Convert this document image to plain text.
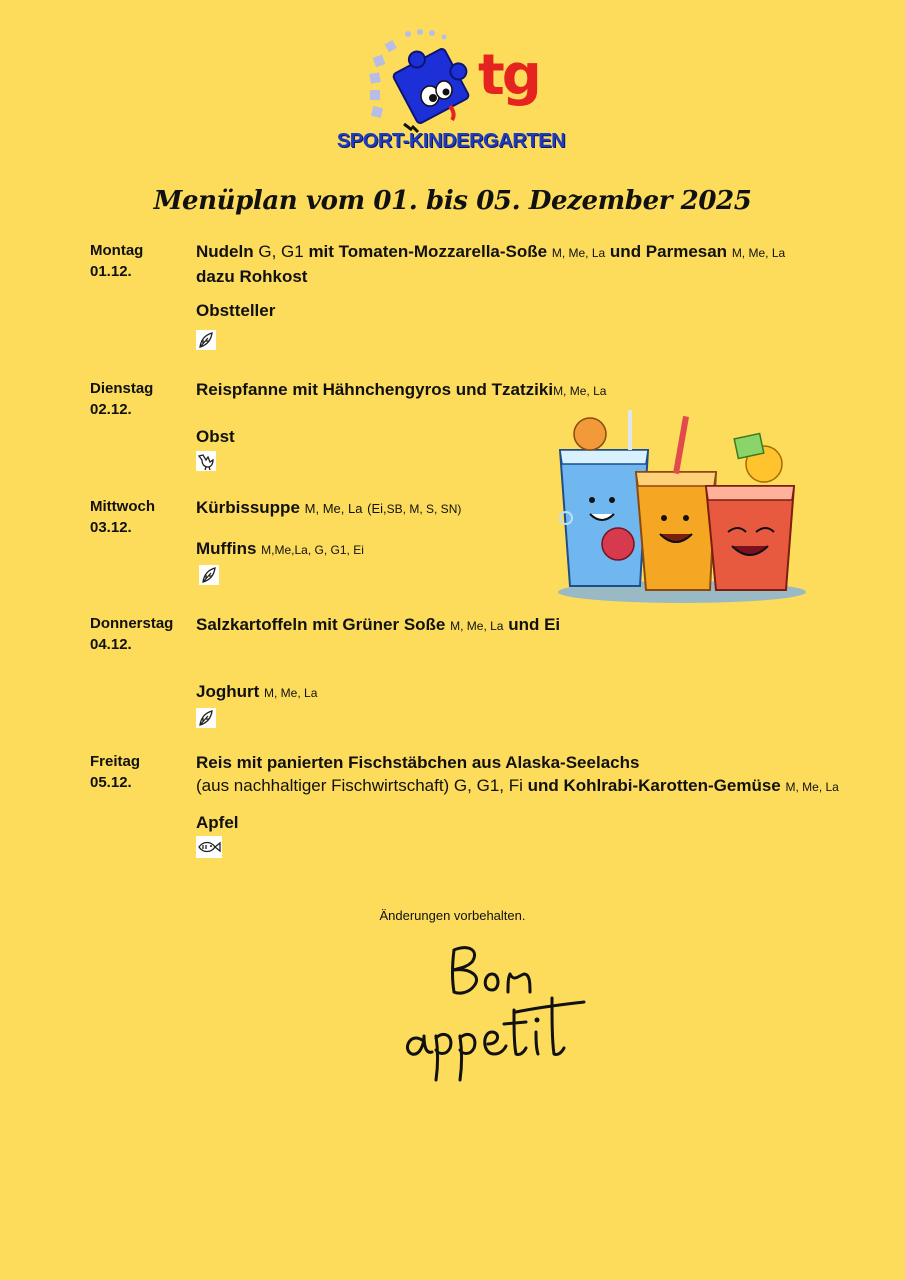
tg
SPORT-KINDERGARTEN
Menüplan vom 01. bis 05. Dezember 2025
Montag
01.12.
Nudeln G, G1 mit Tomaten-Mozzarella-Soße M, Me, La und Parmesan M, Me, La
dazu Rohkost
Obstteller
Dienstag
02.12.
Reispfanne mit Hähnchengyros und TzatzikiM, Me, La
Obst
Mittwoch
03.12.
Kürbissuppe M, Me, La (Ei,SB, M, S, SN)
Muffins M,Me,La, G, G1, Ei
Donnerstag
04.12.
Salzkartoffeln mit Grüner Soße M, Me, La und Ei
Joghurt M, Me, La
Freitag
05.12.
Reis mit panierten Fischstäbchen aus Alaska-Seelachs
(aus nachhaltiger Fischwirtschaft) G, G1, Fi und Kohlrabi-Karotten-Gemüse M, Me, La
Apfel

Änderungen vorbehalten.
